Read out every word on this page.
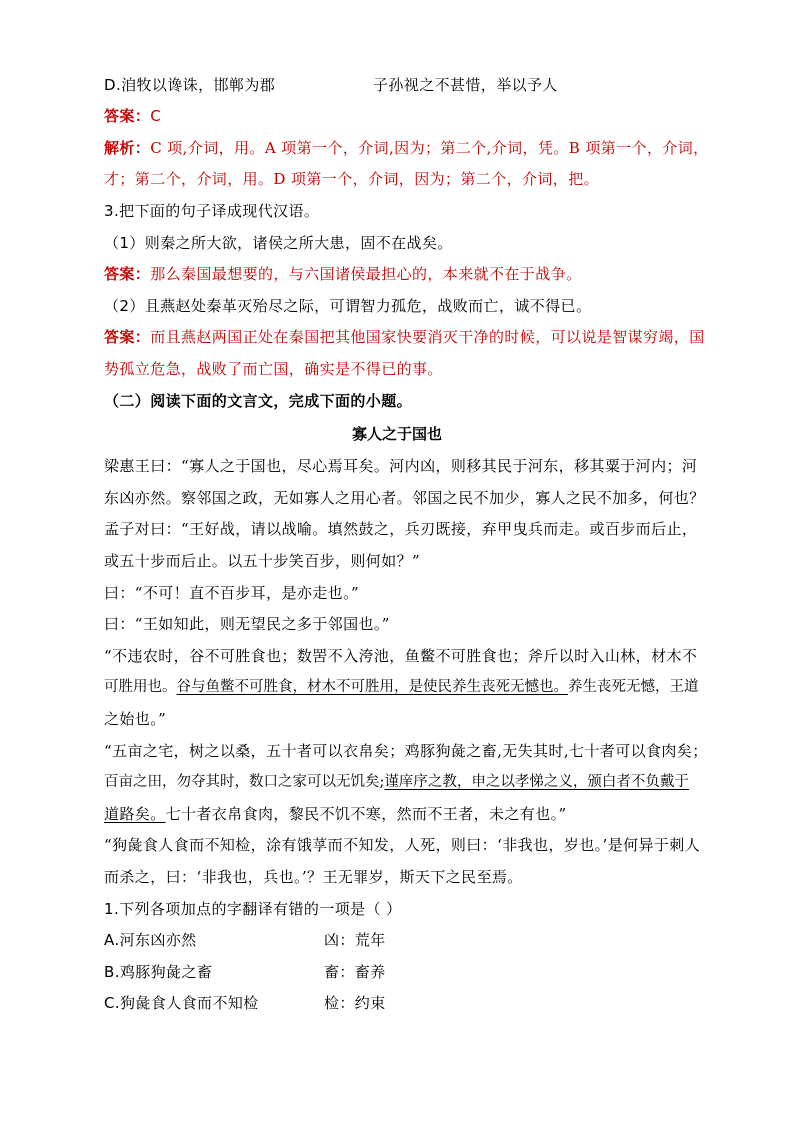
D.洎牧以谗诛，邯郸为郡	子孙视之不甚惜，举以予人
答案：C
解析：C 项,介词，用。A 项第一个，介词,因为；第二个,介词，凭。B 项第一个，介词，
才；第二个，介词，用。D 项第一个，介词，因为；第二个，介词，把。
3.把下面的句子译成现代汉语。
（1）则秦之所大欲，诸侯之所大患，固不在战矣。
答案：那么秦国最想要的，与六国诸侯最担心的，本来就不在于战争。
（2）且燕赵处秦革灭殆尽之际，可谓智力孤危，战败而亡，诚不得已。
答案：而且燕赵两国正处在秦国把其他国家快要消灭干净的时候，可以说是智谋穷竭，国
势孤立危急，战败了而亡国，确实是不得已的事。
（二）阅读下面的文言文，完成下面的小题。
寡人之于国也
梁惠王曰：“寡人之于国也，尽心焉耳矣。河内凶，则移其民于河东，移其粟于河内；河
东凶亦然。察邻国之政，无如寡人之用心者。邻国之民不加少，寡人之民不加多，何也？
孟子对曰：“王好战，请以战喻。填然鼓之，兵刃既接，弃甲曳兵而走。或百步而后止，
或五十步而后止。以五十步笑百步，则何如？”
曰：“不可！直不百步耳，是亦走也。”
曰：“王如知此，则无望民之多于邻国也。”
“不违农时，谷不可胜食也；数罟不入洿池，鱼鳖不可胜食也；斧斤以时入山林，材木不
可胜用也。谷与鱼鳖不可胜食，材木不可胜用，是使民养生丧死无憾也。养生丧死无憾，王道
之始也。”
“五亩之宅，树之以桑，五十者可以衣帛矣；鸡豚狗彘之畜,无失其时,七十者可以食肉矣；
百亩之田，勿夺其时，数口之家可以无饥矣;谨庠序之教，申之以孝悌之义，颁白者不负戴于
道路矣。七十者衣帛食肉，黎民不饥不寒，然而不王者，未之有也。”
“狗彘食人食而不知检，涂有饿莩而不知发，人死，则曰：‘非我也，岁也。’是何异于刺人
而杀之，曰：‘非我也，兵也。’？王无罪岁，斯天下之民至焉。
1.下列各项加点的字翻译有错的一项是（ ）
A.河东凶亦然	凶：荒年
B.鸡豚狗彘之畜	畜：畜养
C.狗彘食人食而不知检	检：约束
